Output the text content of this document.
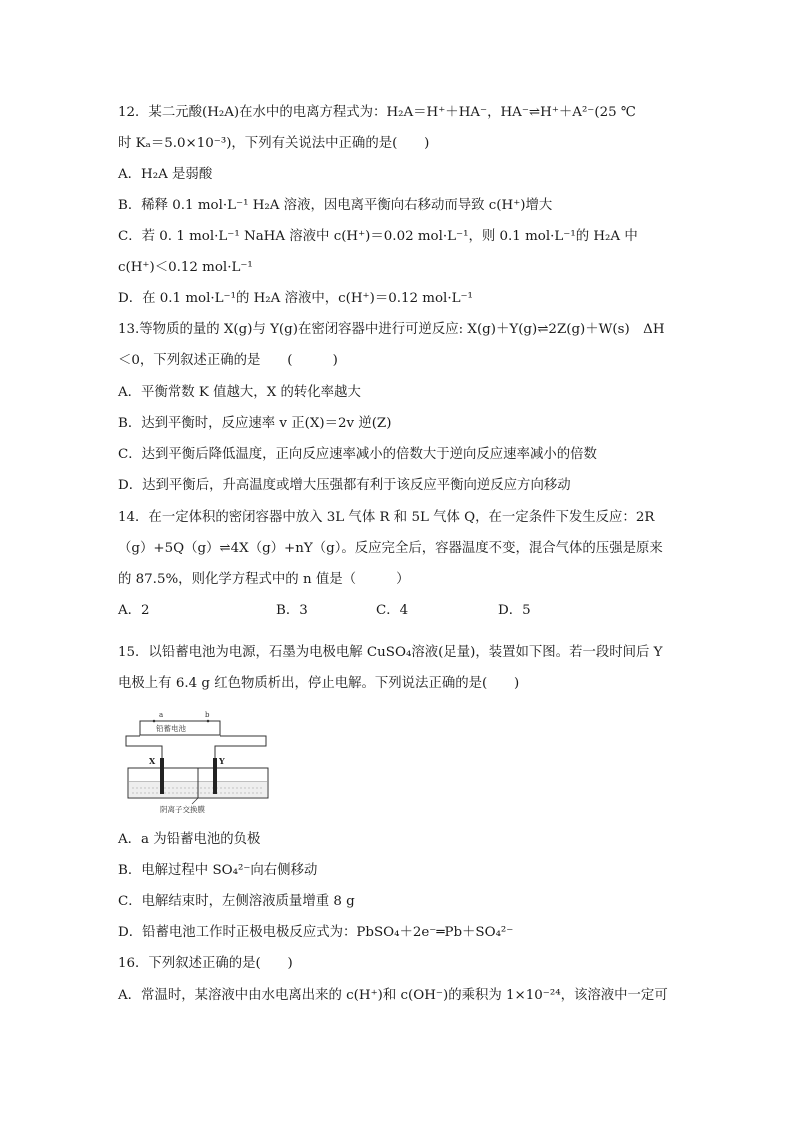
12．某二元酸(H₂A)在水中的电离方程式为：H₂A＝H⁺＋HA⁻，HA⁻⇌H⁺＋A²⁻(25 ℃
时 Kₐ＝5.0×10⁻³)，下列有关说法中正确的是(　　)
A．H₂A 是弱酸
B．稀释 0.1 mol·L⁻¹ H₂A 溶液，因电离平衡向右移动而导致 c(H⁺)增大
C．若 0. 1 mol·L⁻¹ NaHA 溶液中 c(H⁺)＝0.02 mol·L⁻¹，则 0.1 mol·L⁻¹的 H₂A 中
c(H⁺)＜0.12 mol·L⁻¹
D．在 0.1 mol·L⁻¹的 H₂A 溶液中，c(H⁺)＝0.12 mol·L⁻¹
13.等物质的量的 X(g)与 Y(g)在密闭容器中进行可逆反应: X(g)＋Y(g)⇌2Z(g)＋W(s)　ΔH
＜0，下列叙述正确的是　　(　　　)
A．平衡常数 K 值越大，X 的转化率越大
B．达到平衡时，反应速率 v 正(X)＝2v 逆(Z)
C．达到平衡后降低温度，正向反应速率减小的倍数大于逆向反应速率减小的倍数
D．达到平衡后，升高温度或增大压强都有利于该反应平衡向逆反应方向移动
14．在一定体积的密闭容器中放入 3L 气体 R 和 5L 气体 Q，在一定条件下发生反应：2R
（g）+5Q（g）⇌4X（g）+nY（g）。反应完全后，容器温度不变，混合气体的压强是原来
的 87.5%，则化学方程式中的 n 值是（　　　）
A．2	B．3	C．4	D．5
15．以铅蓄电池为电源，石墨为电极电解 CuSO₄溶液(足量)，装置如下图。若一段时间后 Y
电极上有 6.4 g 红色物质析出，停止电解。下列说法正确的是(　　)
a	b
铅蓄电池
X	Y
阴离子交换膜
A．a 为铅蓄电池的负极
B．电解过程中 SO₄²⁻向右侧移动
C．电解结束时，左侧溶液质量增重 8 g
D．铅蓄电池工作时正极电极反应式为：PbSO₄＋2e⁻═Pb＋SO₄²⁻
16．下列叙述正确的是(　　)
A．常温时，某溶液中由水电离出来的 c(H⁺)和 c(OH⁻)的乘积为 1×10⁻²⁴，该溶液中一定可
